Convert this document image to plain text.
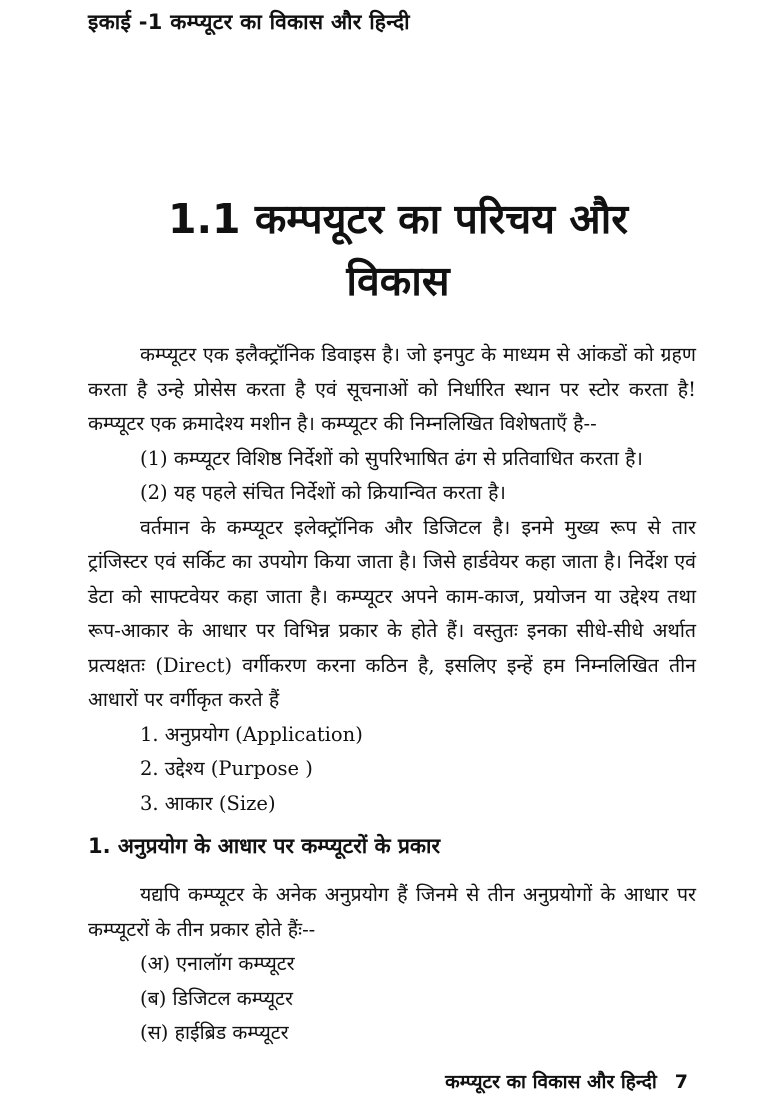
इकाई -1 कम्प्यूटर का विकास और हिन्दी
1.1 कम्पयूटर का परिचय और
विकास

कम्प्यूटर एक इलैक्ट्रॉनिक डिवाइस है। जो इनपुट के माध्यम से आंकडों को ग्रहण करता है उन्हे प्रोसेस करता है एवं सूचनाओं को निर्धारित स्थान पर स्टोर करता है! कम्प्यूटर एक क्रमादेश्य मशीन है। कम्प्यूटर की निम्नलिखित विशेषताएँ है--

(1) कम्प्यूटर विशिष्ठ निर्देशों को सुपरिभाषित ढंग से प्रतिवाधित करता है।

(2) यह पहले संचित निर्देशों को क्रियान्वित करता है।

वर्तमान के कम्प्यूटर इलेक्ट्रॉनिक और डिजिटल है। इनमे मुख्य रूप से तार ट्रांजिस्टर एवं सर्किट का उपयोग किया जाता है। जिसे हार्डवेयर कहा जाता है। निर्देश एवं डेटा को साफ्टवेयर कहा जाता है। कम्प्यूटर अपने काम-काज, प्रयोजन या उद्देश्य तथा रूप-आकार के आधार पर विभिन्न प्रकार के होते हैं। वस्तुतः इनका सीधे-सीधे अर्थात प्रत्यक्षतः (Direct) वर्गीकरण करना कठिन है, इसलिए इन्हें हम निम्नलिखित तीन आधारों पर वर्गीकृत करते हैं

1. अनुप्रयोग (Application)

2. उद्देश्य (Purpose )

3. आकार (Size)

1. अनुप्रयोग के आधार पर कम्प्यूटरों के प्रकार

यद्यपि कम्प्यूटर के अनेक अनुप्रयोग हैं जिनमे से तीन अनुप्रयोगों के आधार पर कम्प्यूटरों के तीन प्रकार होते हैंः--

(अ) एनालॉग कम्प्यूटर

(ब) डिजिटल कम्प्यूटर

(स) हाईब्रिड कम्प्यूटर

कम्प्यूटर का विकास और हिन्दी 7
